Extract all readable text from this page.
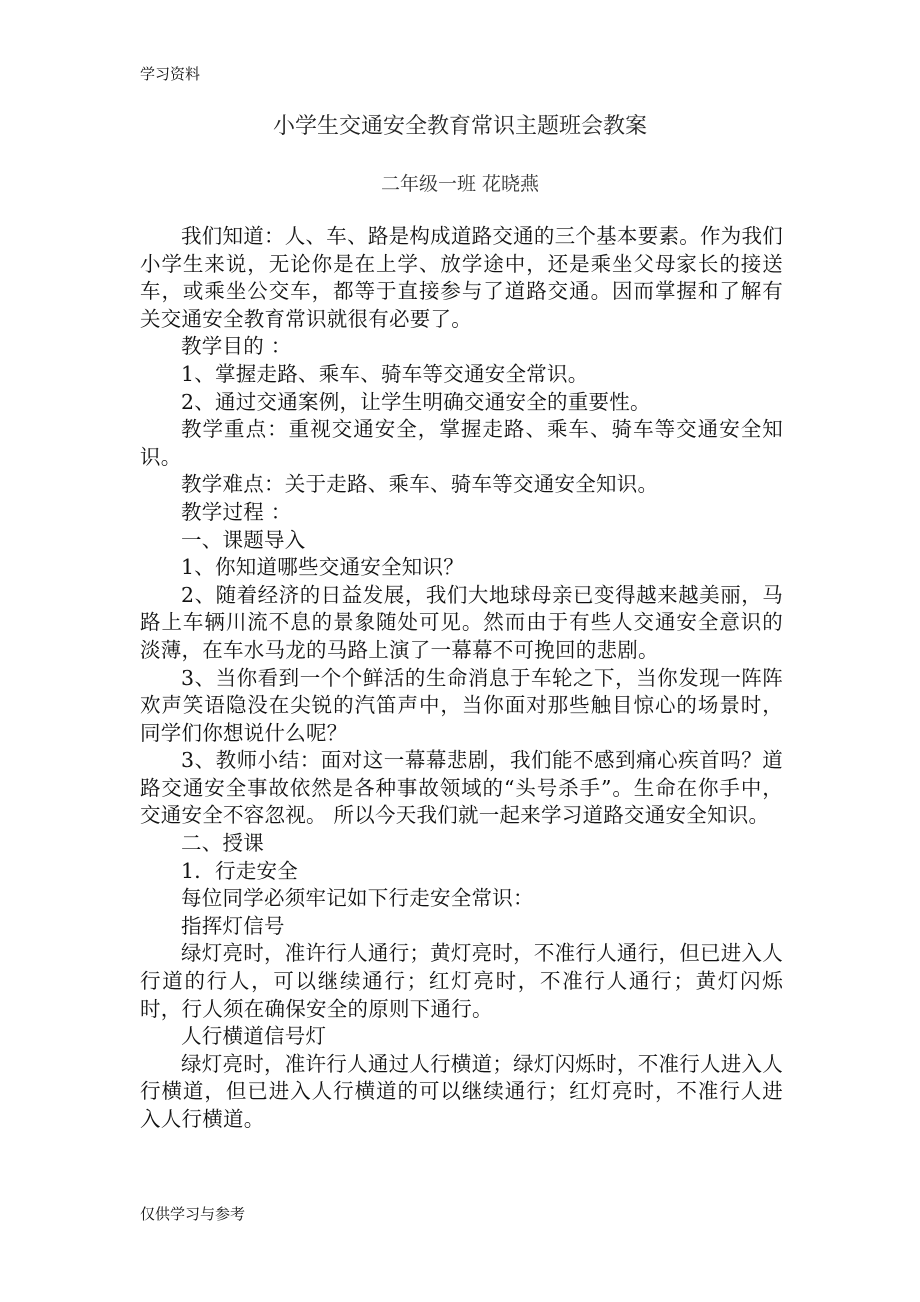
学习资料
小学生交通安全教育常识主题班会教案
二年级一班 花晓燕

我们知道：人、车、路是构成道路交通的三个基本要素。作为我们小学生来说，无论你是在上学、放学途中，还是乘坐父母家长的接送车，或乘坐公交车，都等于直接参与了道路交通。因而掌握和了解有关交通安全教育常识就很有必要了。

教学目的 ：

1、掌握走路、乘车、骑车等交通安全常识。

2、通过交通案例，让学生明确交通安全的重要性。

教学重点：重视交通安全，掌握走路、乘车、骑车等交通安全知识。

教学难点：关于走路、乘车、骑车等交通安全知识。

教学过程 ：

一、课题导入

1、你知道哪些交通安全知识？

2、随着经济的日益发展，我们大地球母亲已变得越来越美丽，马路上车辆川流不息的景象随处可见。然而由于有些人交通安全意识的淡薄，在车水马龙的马路上演了一幕幕不可挽回的悲剧。

3、当你看到一个个鲜活的生命消息于车轮之下，当你发现一阵阵欢声笑语隐没在尖锐的汽笛声中，当你面对那些触目惊心的场景时，同学们你想说什么呢？

3、教师小结：面对这一幕幕悲剧，我们能不感到痛心疾首吗？道路交通安全事故依然是各种事故领域的“头号杀手”。生命在你手中，交通安全不容忽视。 所以今天我们就一起来学习道路交通安全知识。

二、授课

1．行走安全

每位同学必须牢记如下行走安全常识：

指挥灯信号

绿灯亮时，准许行人通行；黄灯亮时，不准行人通行，但已进入人行道的行人，可以继续通行；红灯亮时，不准行人通行；黄灯闪烁时，行人须在确保安全的原则下通行。

人行横道信号灯

绿灯亮时，准许行人通过人行横道；绿灯闪烁时，不准行人进入人行横道，但已进入人行横道的可以继续通行；红灯亮时，不准行人进入人行横道。

仅供学习与参考
